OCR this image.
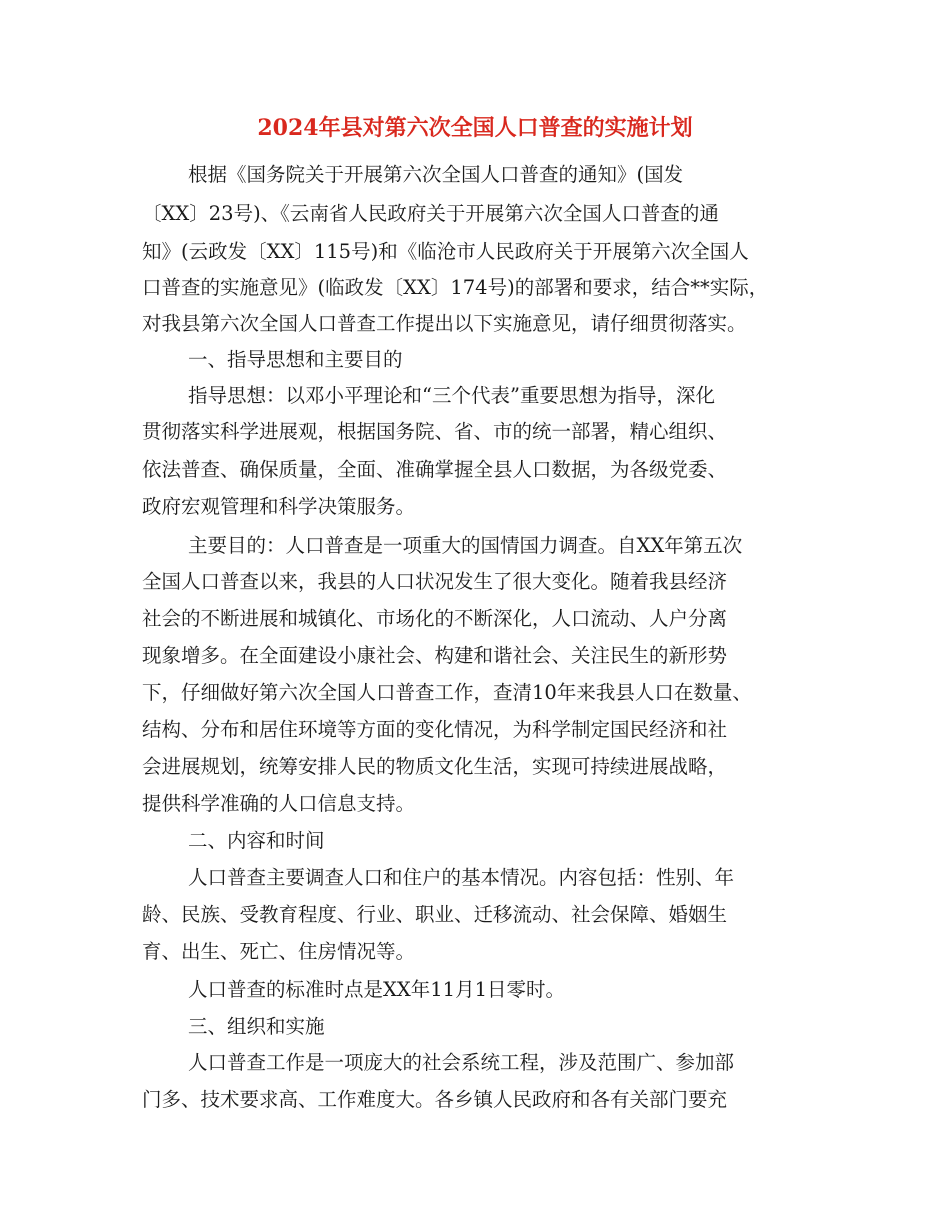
2024年县对第六次全国人口普查的实施计划
根据《国务院关于开展第六次全国人口普查的通知》(国发
〔XX〕23号)、《云南省人民政府关于开展第六次全国人口普查的通
知》(云政发〔XX〕115号)和《临沧市人民政府关于开展第六次全国人
口普查的实施意见》(临政发〔XX〕174号)的部署和要求，结合**实际，
对我县第六次全国人口普查工作提出以下实施意见，请仔细贯彻落实。
一、指导思想和主要目的
指导思想：以邓小平理论和“三个代表”重要思想为指导，深化
贯彻落实科学进展观，根据国务院、省、市的统一部署，精心组织、
依法普查、确保质量，全面、准确掌握全县人口数据，为各级党委、
政府宏观管理和科学决策服务。
主要目的：人口普查是一项重大的国情国力调查。自XX年第五次
全国人口普查以来，我县的人口状况发生了很大变化。随着我县经济
社会的不断进展和城镇化、市场化的不断深化，人口流动、人户分离
现象增多。在全面建设小康社会、构建和谐社会、关注民生的新形势
下，仔细做好第六次全国人口普查工作，查清10年来我县人口在数量、
结构、分布和居住环境等方面的变化情况，为科学制定国民经济和社
会进展规划，统筹安排人民的物质文化生活，实现可持续进展战略，
提供科学准确的人口信息支持。
二、内容和时间
人口普查主要调查人口和住户的基本情况。内容包括：性别、年
龄、民族、受教育程度、行业、职业、迁移流动、社会保障、婚姻生
育、出生、死亡、住房情况等。
人口普查的标准时点是XX年11月1日零时。
三、组织和实施
人口普查工作是一项庞大的社会系统工程，涉及范围广、参加部
门多、技术要求高、工作难度大。各乡镇人民政府和各有关部门要充
